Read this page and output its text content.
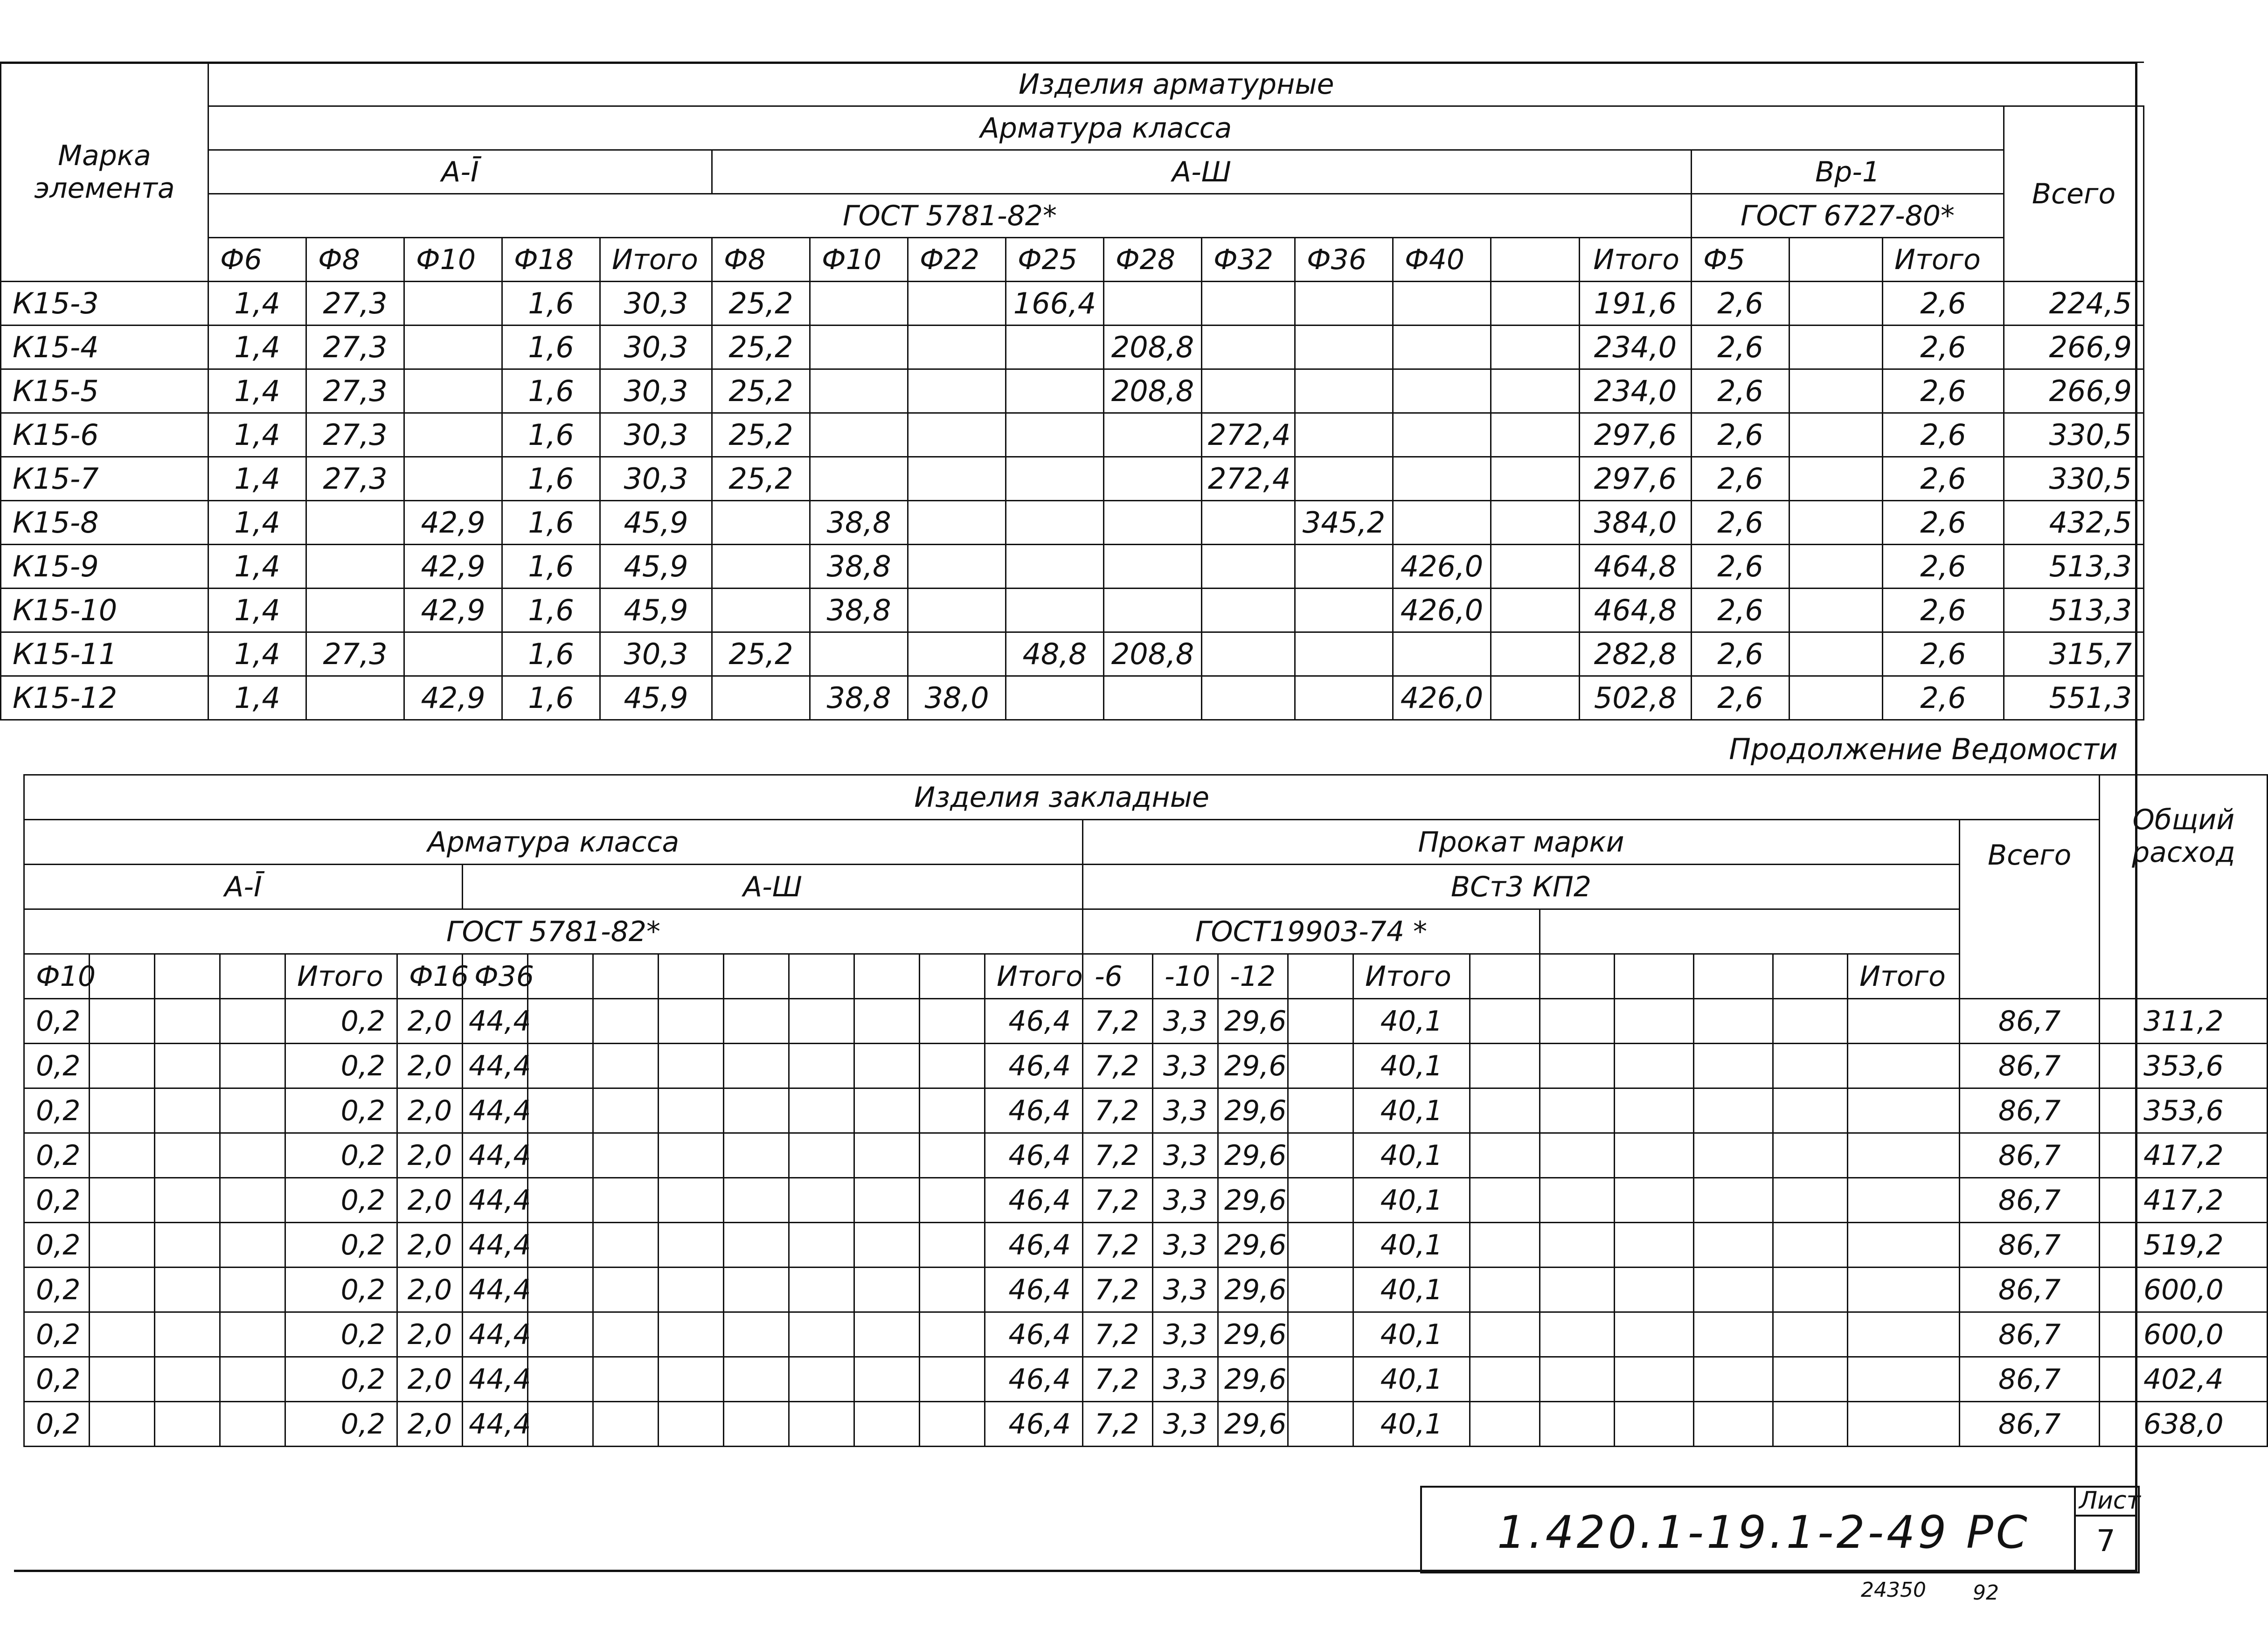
Марка элемента	Изделия арматурные																		
	Арматура класса																		Всего
	А-Ī					А-Ш										Вр-1			
	ГОСТ 5781-82*															ГОСТ 6727-80*			
	Ф6	Ф8	Ф10	Ф18	Итого	Ф8	Ф10	Ф22	Ф25	Ф28	Ф32	Ф36	Ф40		Итого	Ф5		Итого	
К15-3	1,4	27,3		1,6	30,3	25,2			166,4						191,6	2,6		2,6	224,5
К15-4	1,4	27,3		1,6	30,3	25,2				208,8					234,0	2,6		2,6	266,9
К15-5	1,4	27,3		1,6	30,3	25,2				208,8					234,0	2,6		2,6	266,9
К15-6	1,4	27,3		1,6	30,3	25,2					272,4				297,6	2,6		2,6	330,5
К15-7	1,4	27,3		1,6	30,3	25,2					272,4				297,6	2,6		2,6	330,5
К15-8	1,4		42,9	1,6	45,9		38,8					345,2			384,0	2,6		2,6	432,5
К15-9	1,4		42,9	1,6	45,9		38,8						426,0		464,8	2,6		2,6	513,3
К15-10	1,4		42,9	1,6	45,9		38,8						426,0		464,8	2,6		2,6	513,3
К15-11	1,4	27,3		1,6	30,3	25,2			48,8	208,8					282,8	2,6		2,6	315,7
К15-12	1,4		42,9	1,6	45,9		38,8	38,0					426,0		502,8	2,6		2,6	551,3
Продолжение Ведомости
Изделия закладные																											Общий расход
Арматура класса															Прокат марки											Всего	
А-Ī						А-Ш									ВСт3 КП2												
ГОСТ 5781-82*															ГОСТ19903-74 *												
Ф10				Итого	Ф16	Ф36								Итого	-6	-10	-12		Итого						Итого		
0,2				0,2	2,0	44,4								46,4	7,2	3,3	29,6		40,1							86,7	311,2
0,2				0,2	2,0	44,4								46,4	7,2	3,3	29,6		40,1							86,7	353,6
0,2				0,2	2,0	44,4								46,4	7,2	3,3	29,6		40,1							86,7	353,6
0,2				0,2	2,0	44,4								46,4	7,2	3,3	29,6		40,1							86,7	417,2
0,2				0,2	2,0	44,4								46,4	7,2	3,3	29,6		40,1							86,7	417,2
0,2				0,2	2,0	44,4								46,4	7,2	3,3	29,6		40,1							86,7	519,2
0,2				0,2	2,0	44,4								46,4	7,2	3,3	29,6		40,1							86,7	600,0
0,2				0,2	2,0	44,4								46,4	7,2	3,3	29,6		40,1							86,7	600,0
0,2				0,2	2,0	44,4								46,4	7,2	3,3	29,6		40,1							86,7	402,4
0,2				0,2	2,0	44,4								46,4	7,2	3,3	29,6		40,1							86,7	638,0
1.420.1-19.1-2-49 РС
Лист
7
24350 92
